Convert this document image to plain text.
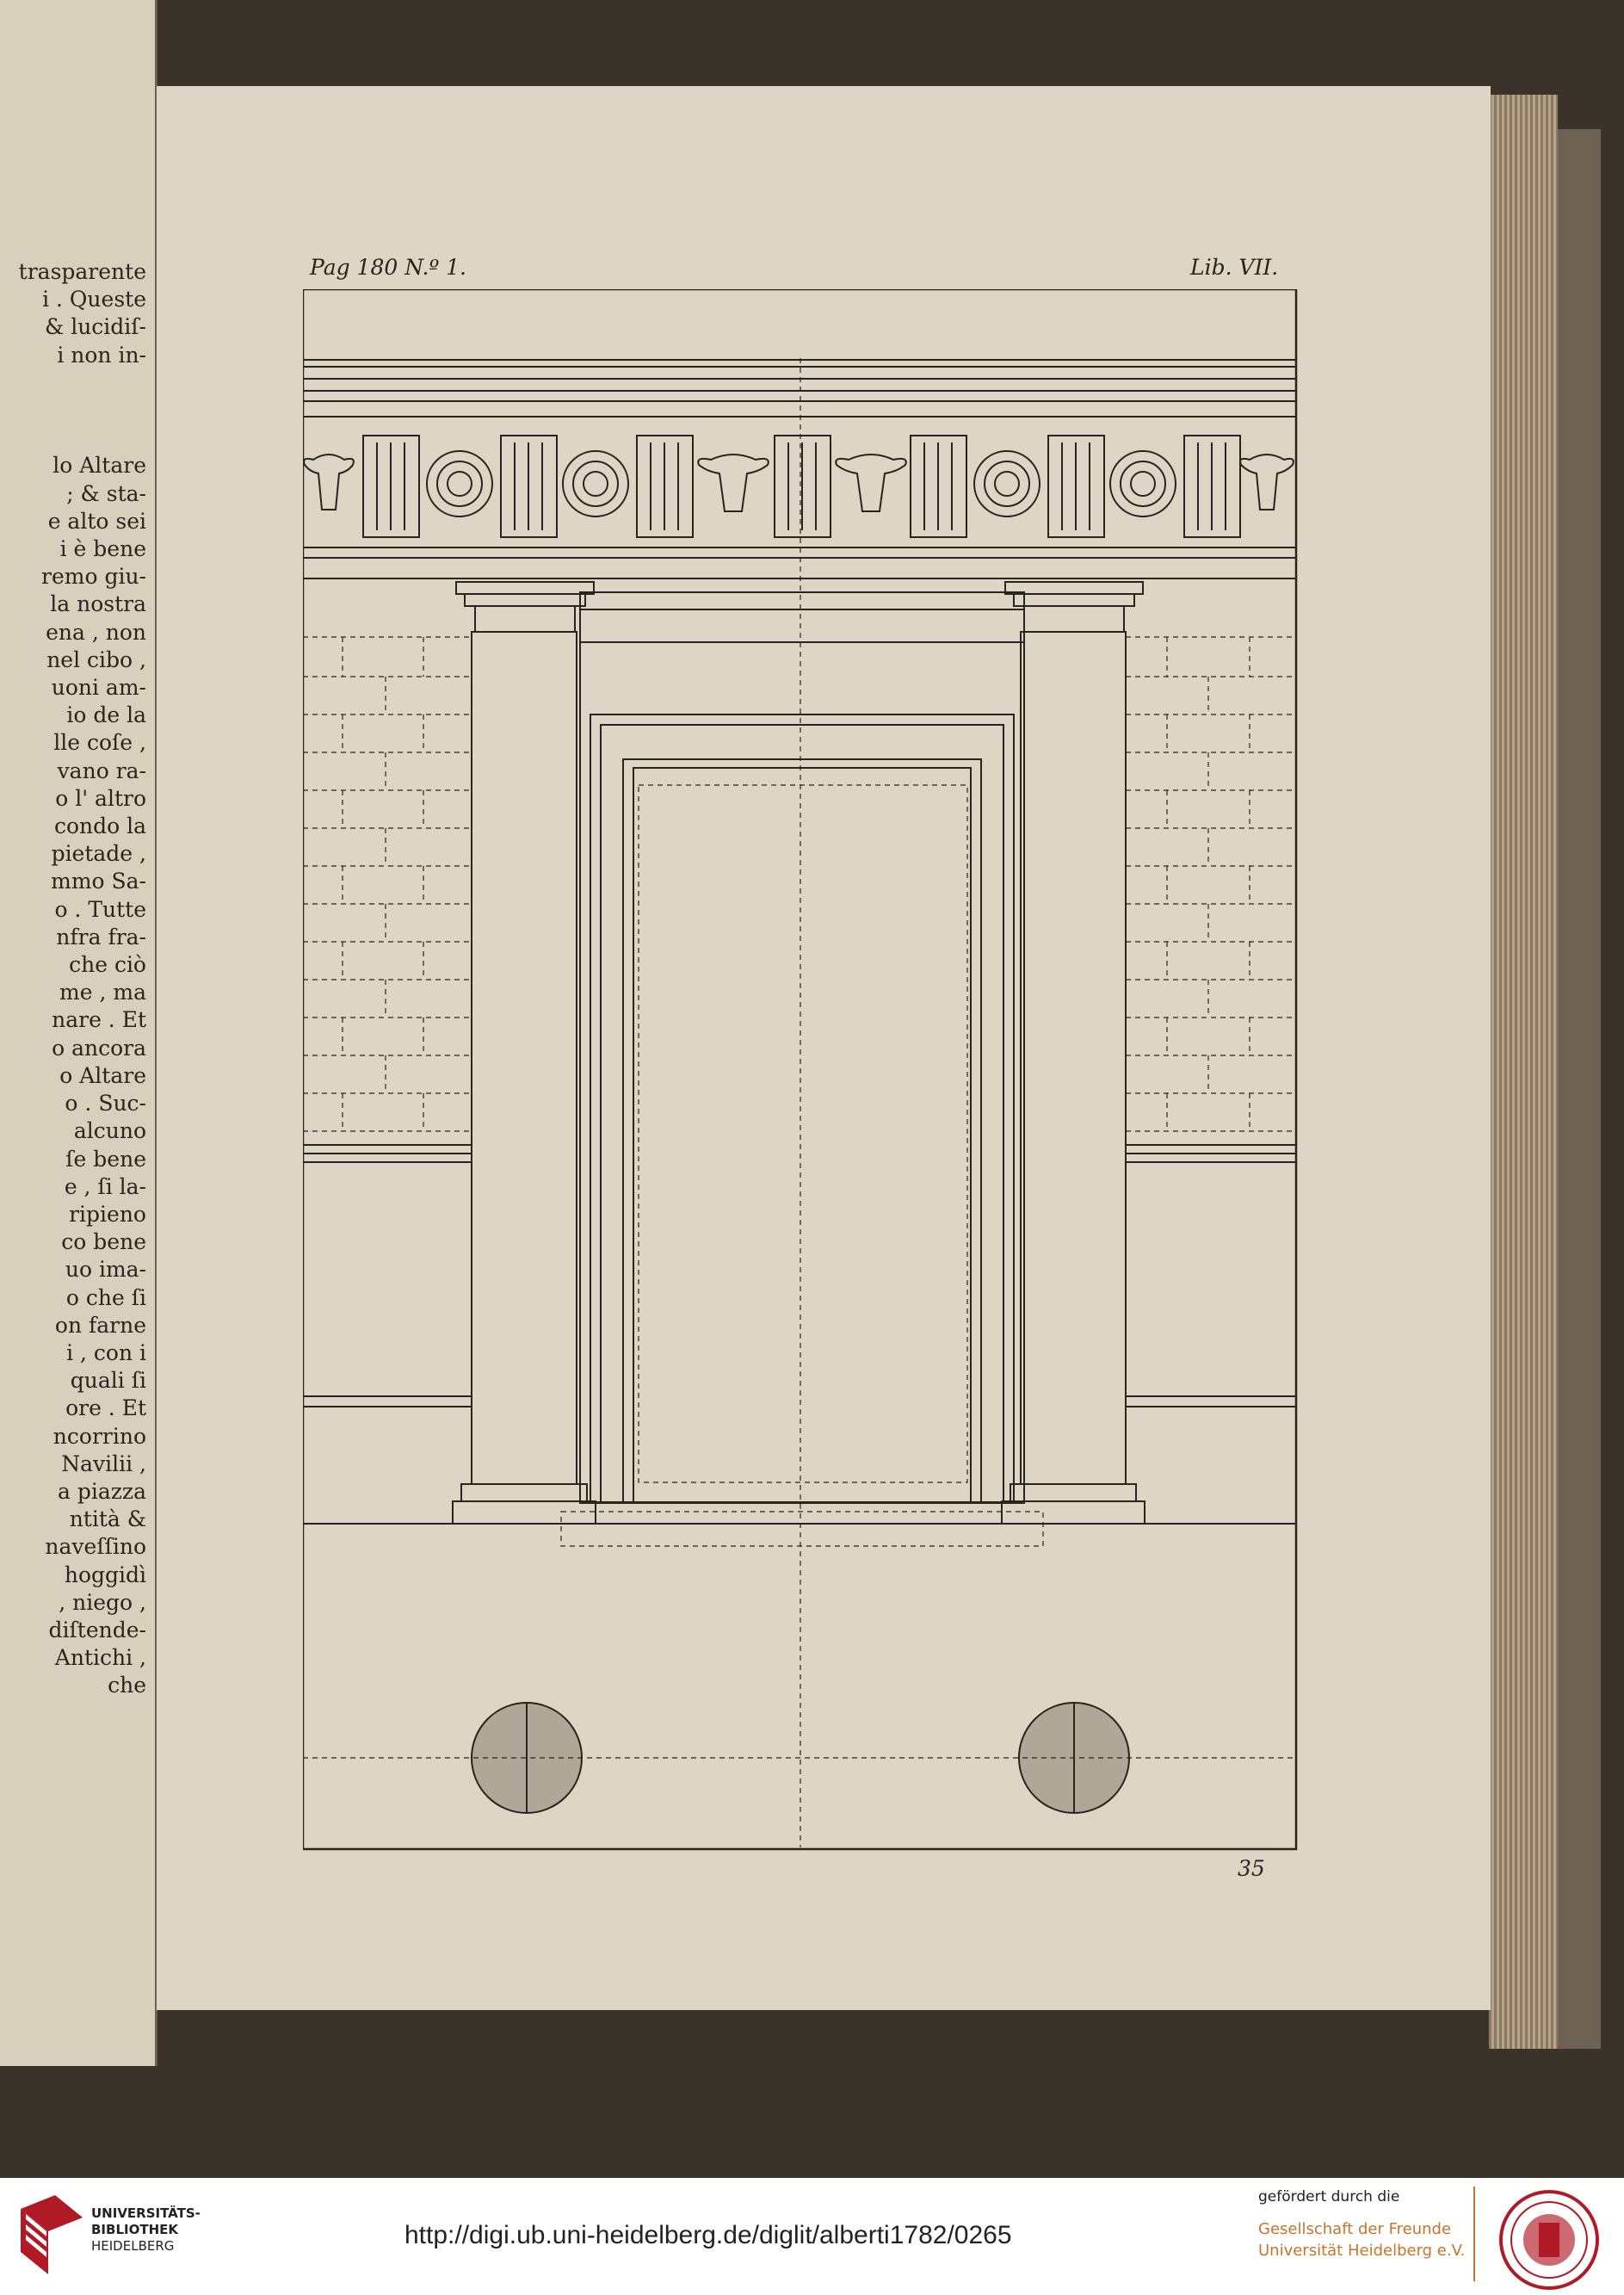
trasparente
i . Queste
& lucidiſ-
i non in-

lo Altare
; & sta-
e alto sei
i è bene
remo giu-
la nostra
ena , non
nel cibo ,
uoni am-
io de la
lle coſe ,
vano ra-
o l' altro
condo la
pietade ,
mmo Sa-
o . Tutte
nfra fra-
che ciò
me , ma
nare . Et
o ancora
o Altare
o . Suc-
alcuno
ſe bene
e , ſi la-
ripieno
co bene
uo ima-
o che ſi
on farne
i , con i
quali ſi
ore . Et
ncorrino
Navilii ,
a piazza
ntità &
naveſſino
hoggidì
, niego ,
diſtende-
Antichi ,
che
Pag 180 N.º 1.	Lib. VII.
35
UNIVERSITÄTS-
BIBLIOTHEK
HEIDELBERG	http://digi.ub.uni-heidelberg.de/diglit/alberti1782/0265
gefördert durch die
Gesellschaft der Freunde
Universität Heidelberg e.V.
